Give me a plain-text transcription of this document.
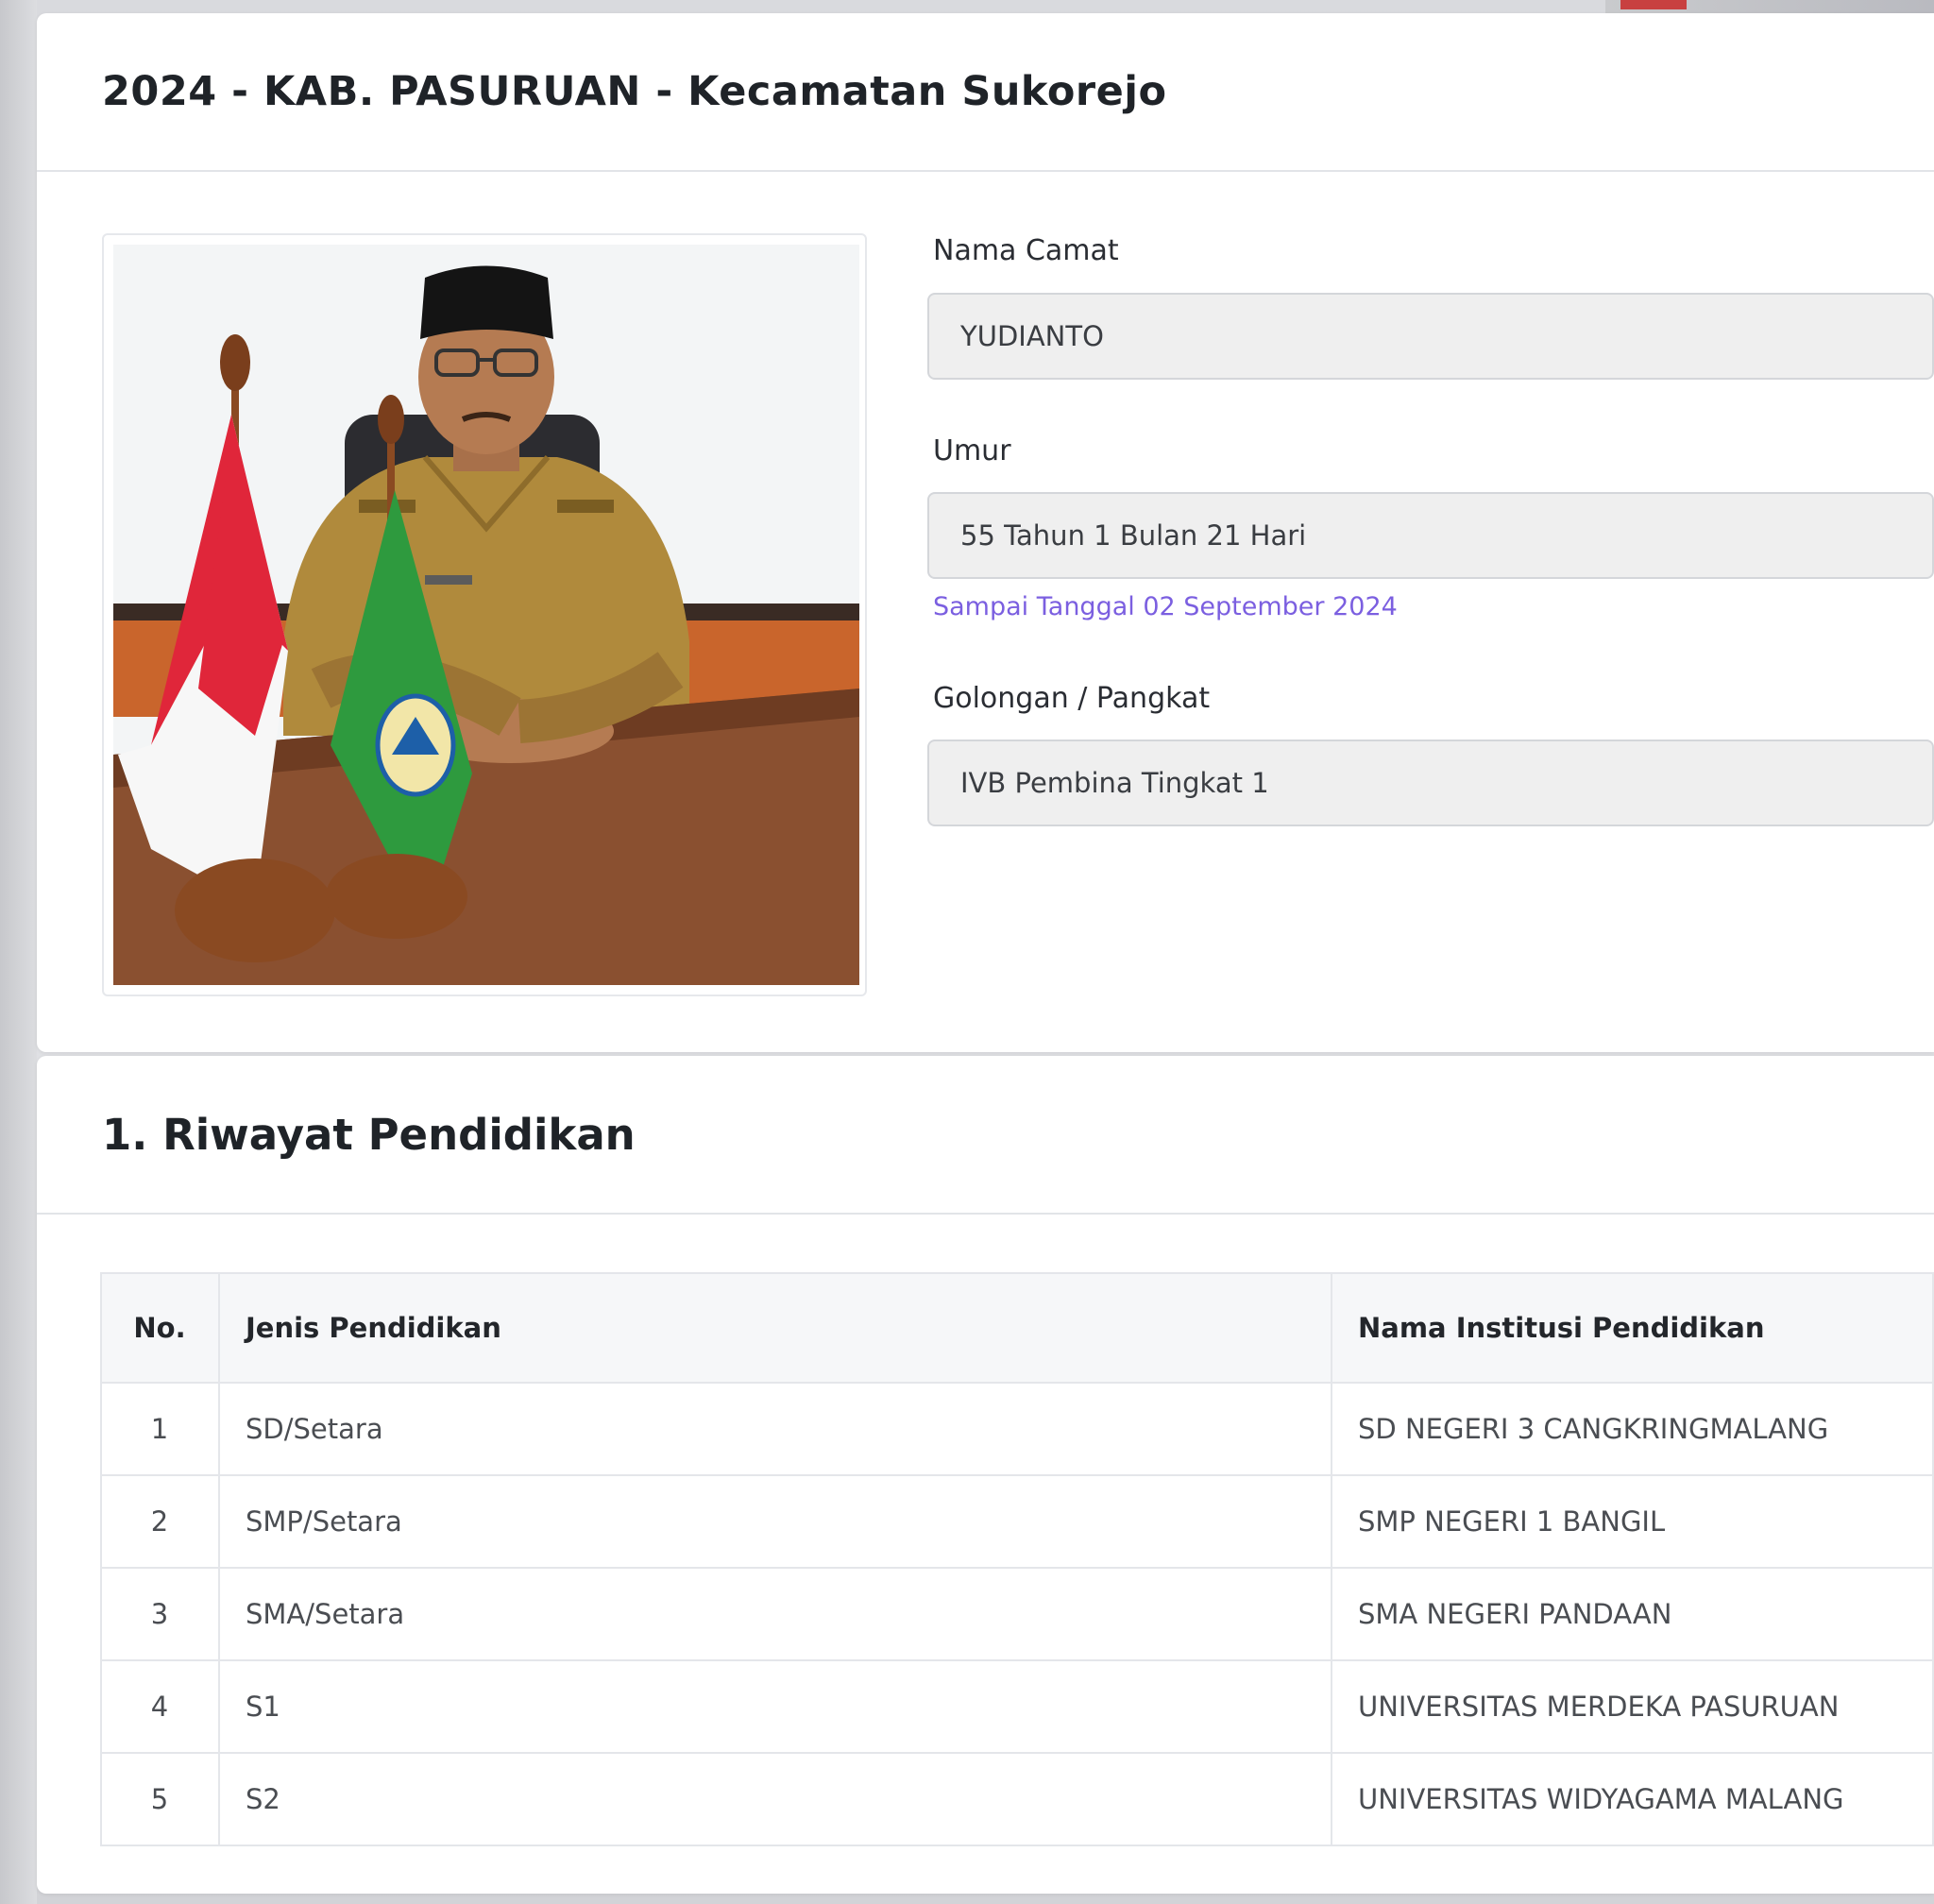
2024 - KAB. PASURUAN - Kecamatan Sukorejo
Nama Camat
YUDIANTO
Umur
55 Tahun 1 Bulan 21 Hari
Sampai Tanggal 02 September 2024
Golongan / Pangkat
IVB Pembina Tingkat 1
1. Riwayat Pendidikan
No.	Jenis Pendidikan	Nama Institusi Pendidikan
1	SD/Setara	SD NEGERI 3 CANGKRINGMALANG
2	SMP/Setara	SMP NEGERI 1 BANGIL
3	SMA/Setara	SMA NEGERI PANDAAN
4	S1	UNIVERSITAS MERDEKA PASURUAN
5	S2	UNIVERSITAS WIDYAGAMA MALANG
